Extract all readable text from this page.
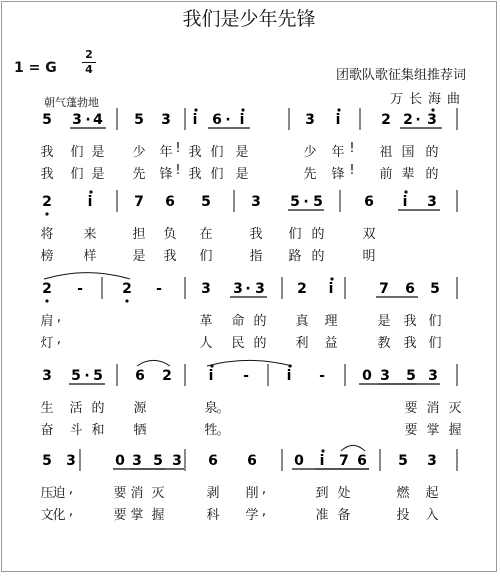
我们是少年先锋
1 = G
2
4
朝气蓬勃地
团歌队歌征集组推荐词
万长海曲
5 3 · 4 5 3 i 6 · i	3 i	2 2 · 3
我 们 是 少 年 ! 我 们 是	少 年 !	祖 国 的
我 们 是 先 锋 ! 我 们 是	先 锋 !	前 辈 的
2	i	7 6 5	3 5 · 5	6 i 3
将 来	担 负 在	我 们 的	双
榜 样	是 我 们	指 路 的	明
2 -	2 -	3 3 · 3 2 i	7 6 5
肩 ,	革 命 的 真 理	是 我 们
灯 ,	人 民 的 利 益	教 我 们
3 5 · 5 6 2	i -	i -	0 3 5 3
生 活 的 源	泉
。	要 消 灭
奋 斗 和 牺	牲
。	要 掌 握
5 3	0 3 5 3 6 6	0 i 7 6 5 3
压
迫 ,	要 消 灭	剥 削 ,	到 处	燃 起
文
化 ,	要 掌 握	科 学 ,	准 备	投 入
